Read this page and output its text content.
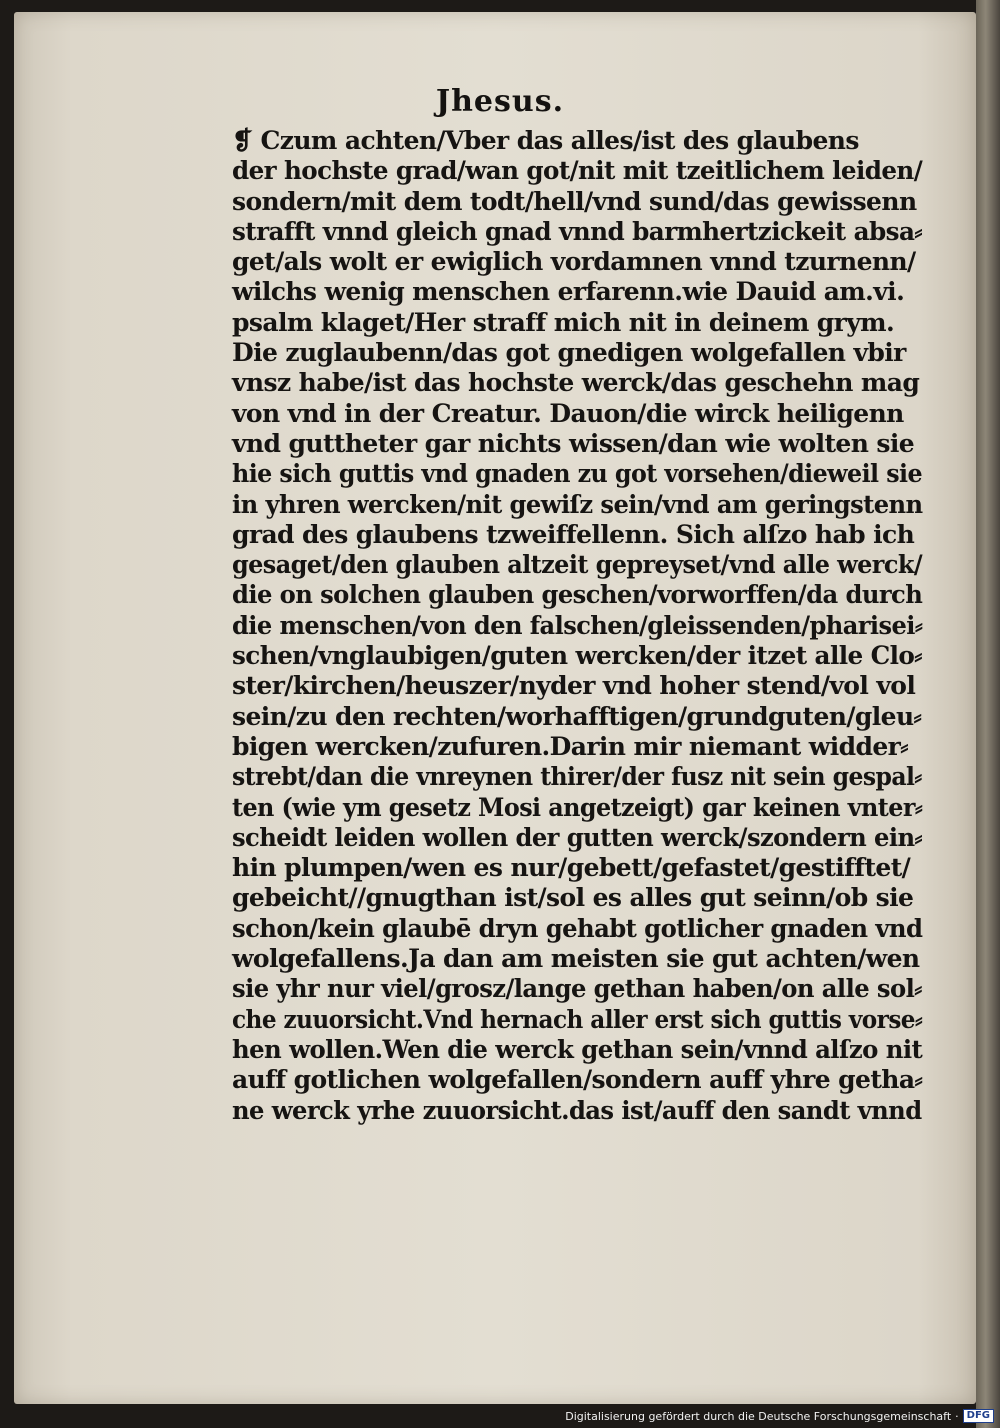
Jhesus.
❡ Czum achten/Vber das alles/ist des glaubens
der hochste grad/wan got/nit mit tzeitlichem leiden/
sondern/mit dem todt/hell/vnd sund/das gewissenn
strafft vnnd gleich gnad vnnd barmhertzickeit absa⸗
get/als wolt er ewiglich vordamnen vnnd tzurnenn/
wilchs wenig menschen erfarenn.wie Dauid am.vi.
psalm klaget/Her straff mich nit in deinem grym.
Die zuglaubenn/das got gnedigen wolgefallen vbir
vnsz habe/ist das hochste werck/das geschehn mag
von vnd in der Creatur. Dauon/die wirck heiligenn
vnd guttheter gar nichts wissen/dan wie wolten sie
hie sich guttis vnd gnaden zu got vorsehen/dieweil sie
in yhren wercken/nit gewiſz sein/vnd am geringstenn
grad des glaubens tzweiffellenn. Sich alſzo hab ich
gesaget/den glauben altzeit gepreyset/vnd alle werck/
die on solchen glauben geschen/vorworffen/da durch
die menschen/von den falschen/gleissenden/pharisei⸗
schen/vnglaubigen/guten wercken/der itzet alle Clo⸗
ster/kirchen/heuszer/nyder vnd hoher stend/vol vol
sein/zu den rechten/worhafftigen/grundguten/gleu⸗
bigen wercken/zufuren.Darin mir niemant widder⸗
strebt/dan die vnreynen thirer/der fusz nit sein gespal⸗
ten (wie ym gesetz Mosi angetzeigt) gar keinen vnter⸗
scheidt leiden wollen der gutten werck/szondern ein⸗
hin plumpen/wen es nur/gebett/gefastet/gestifftet/
gebeicht//gnugthan ist/sol es alles gut seinn/ob sie
schon/kein glaubē dryn gehabt gotlicher gnaden vnd
wolgefallens.Ja dan am meisten sie gut achten/wen
sie yhr nur viel/grosz/lange gethan haben/on alle sol⸗
che zuuorsicht.Vnd hernach aller erst sich guttis vorse⸗
hen wollen.Wen die werck gethan sein/vnnd alſzo nit
auff gotlichen wolgefallen/sondern auff yhre getha⸗
ne werck yrhe zuuorsicht.das ist/auff den sandt vnnd
Digitalisierung gefördert durch die Deutsche Forschungsgemeinschaft · DFG
